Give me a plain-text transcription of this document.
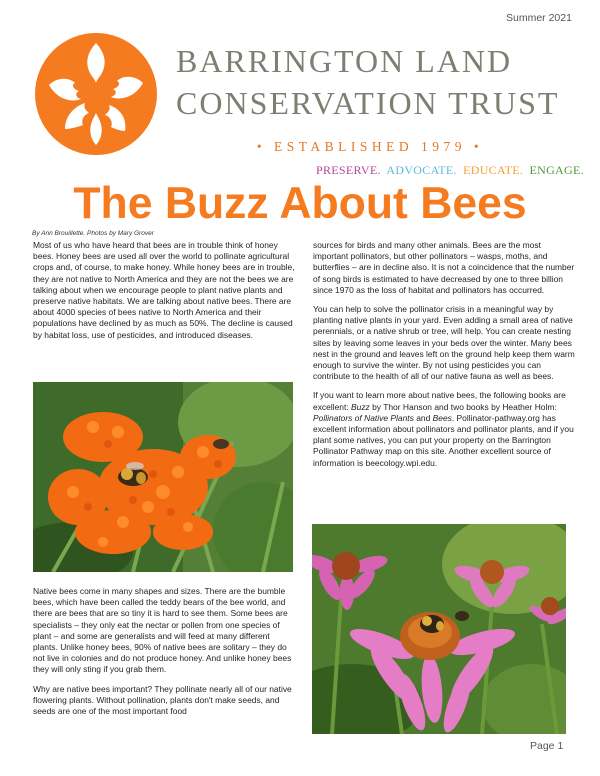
Summer 2021
BARRINGTON LAND
CONSERVATION TRUST
• ESTABLISHED 1979 •
PRESERVE. ADVOCATE. EDUCATE. ENGAGE.
The Buzz About Bees
By Ann Brouillette. Photos by Mary Grover

Most of us who have heard that bees are in trouble think of honey bees. Honey bees are used all over the world to pollinate agricultural crops and, of course, to make honey. While honey bees are in trouble, they are not native to North America and they are not the bees we are talking about when we encourage people to plant native plants and preserve native habitats. We are talking about native bees. There are about 4000 species of bees native to North America and their populations have declined by as much as 50%. The decline is caused by habitat loss, use of pesticides, and introduced diseases.

Native bees come in many shapes and sizes. There are the bumble bees, which have been called the teddy bears of the bee world, and there are bees that are so tiny it is hard to see them. Some bees are specialists – they only eat the nectar or pollen from one species of plant – and some are generalists and will feed at many different plants. Unlike honey bees, 90% of native bees are solitary – they do not live in colonies and do not produce honey. And unlike honey bees they will only sting if you grab them.

Why are native bees important? They pollinate nearly all of our native flowering plants. Without pollination, plants don't make seeds, and seeds are one of the most important food

sources for birds and many other animals. Bees are the most important pollinators, but other pollinators – wasps, moths, and butterflies – are in decline also. It is not a coincidence that the number of song birds is estimated to have decreased by one to three billion since 1970 as the loss of habitat and pollinators has occurred.

You can help to solve the pollinator crisis in a meaningful way by planting native plants in your yard. Even adding a small area of native perennials, or a native shrub or tree, will help. You can create nesting sites by leaving some leaves in your beds over the winter. Many bees nest in the ground and leaves left on the ground help keep them warm enough to survive the winter. By not using pesticides you can contribute to the health of all of our native fauna as well as bees.

If you want to learn more about native bees, the following books are excellent: Buzz by Thor Hanson and two books by Heather Holm: Pollinators of Native Plants and Bees. Pollinator-pathway.org has excellent information about pollinators and pollinator plants, and if you plant some natives, you can put your property on the Barrington Pollinator Pathway map on this site. Another excellent source of information is beecology.wpi.edu.

Page 1
